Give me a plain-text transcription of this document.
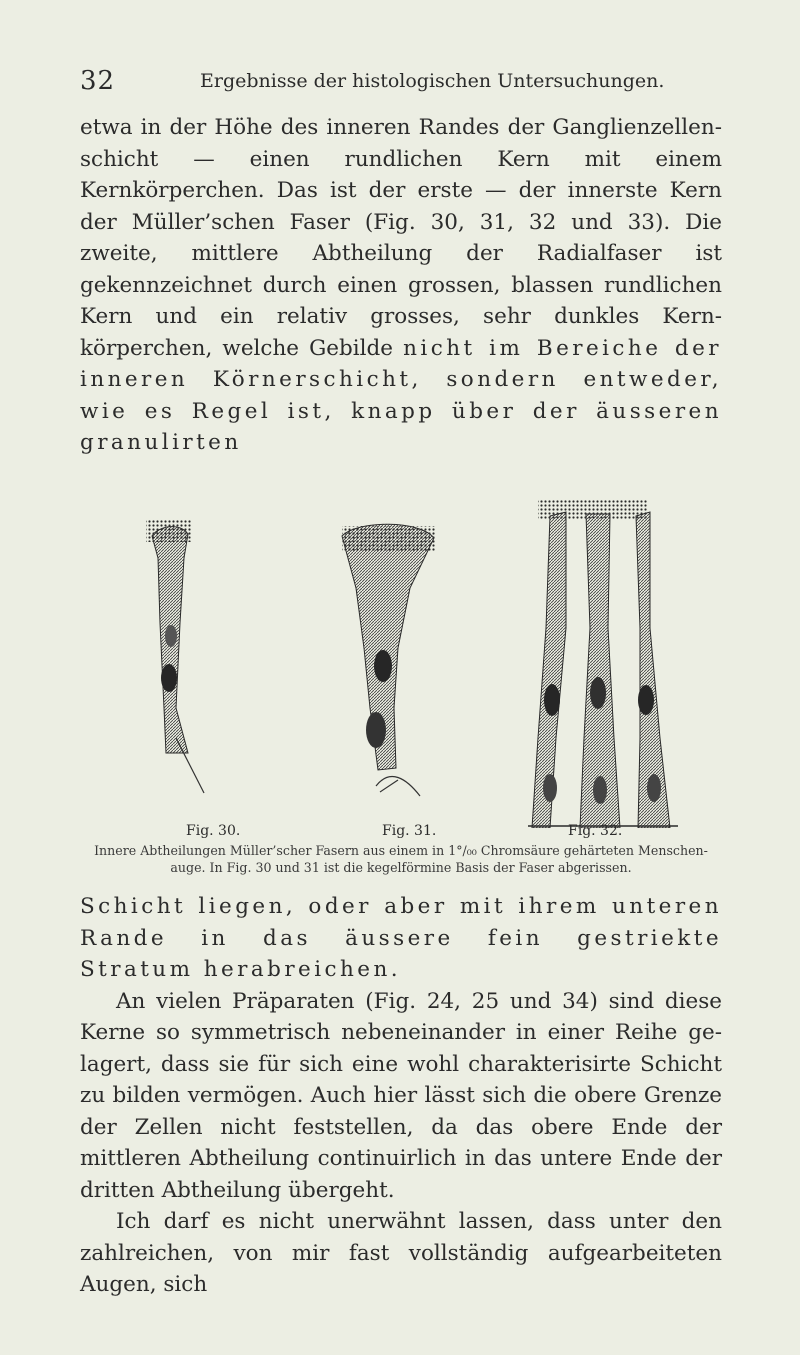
32	Ergebnisse der histologischen Untersuchungen.

etwa in der Höhe des inneren Randes der Ganglienzellenschicht — einen rundlichen Kern mit einem Kernkörperchen. Das ist der erste — der innerste Kern der Müller’schen Faser (Fig. 30, 31, 32 und 33). Die zweite, mittlere Abtheilung der Radialfaser ist gekennzeichnet durch einen grossen, blassen rundlichen Kern und ein relativ grosses, sehr dunkles Kernkörperchen, welche Gebilde nicht im Bereiche der inneren Körnerschicht, sondern entweder, wie es Regel ist, knapp über der äusseren granulirten

Fig. 30.	Fig. 31.	Fig. 32.

Innere Abtheilungen Müller’scher Fasern aus einem in 1°/₀₀ Chromsäure gehärteten Menschenauge. In Fig. 30 und 31 ist die kegelförmine Basis der Faser abgerissen.

Schicht liegen, oder aber mit ihrem unteren Rande in das äussere fein gestriekte Stratum herabreichen.

An vielen Präparaten (Fig. 24, 25 und 34) sind diese Kerne so symmetrisch nebeneinander in einer Reihe gelagert, dass sie für sich eine wohl charakterisirte Schicht zu bilden vermögen. Auch hier lässt sich die obere Grenze der Zellen nicht feststellen, da das obere Ende der mittleren Abtheilung continuirlich in das untere Ende der dritten Abtheilung übergeht.

Ich darf es nicht unerwähnt lassen, dass unter den zahlreichen, von mir fast vollständig aufgearbeiteten Augen, sich
